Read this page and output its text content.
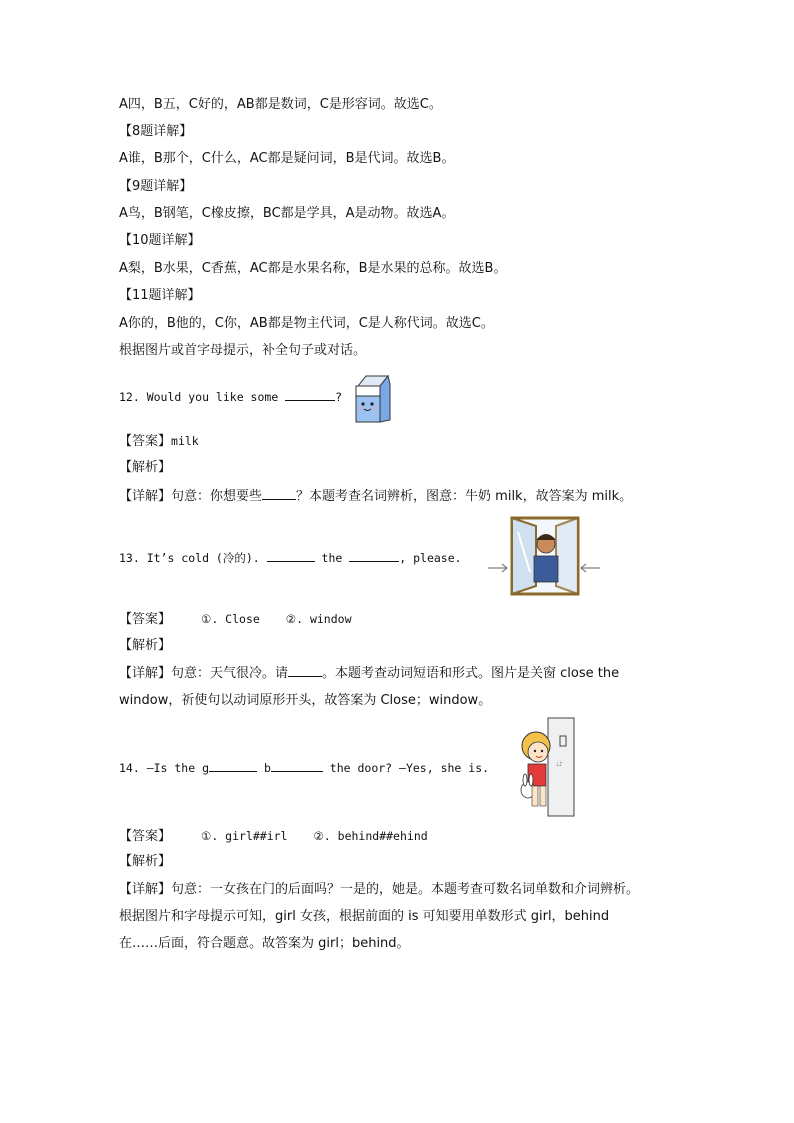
A四，B五，C好的，AB都是数词，C是形容词。故选C。
【8题详解】
A谁，B那个，C什么，AC都是疑问词，B是代词。故选B。
【9题详解】
A鸟，B钢笔，C橡皮擦，BC都是学具，A是动物。故选A。
【10题详解】
A梨，B水果，C香蕉，AC都是水果名称，B是水果的总称。故选B。
【11题详解】
A你的，B他的，C你，AB都是物主代词，C是人称代词。故选C。
根据图片或首字母提示，补全句子或对话。
12. Would you like some	?
【答案】milk
【解析】
【详解】句意：你想要些	？本题考查名词辨析，图意：牛奶 milk，故答案为 milk。
13. It’s cold (冷的).	the	, please.
【答案】	①. Close ②. window
【解析】
【详解】句意：天气很冷。请	。本题考查动词短语和形式。图片是关窗 close the
window，祈使句以动词原形开头，故答案为 Close；window。
14. —Is the g	b	the door? —Yes, she is.	♩♪
【答案】	①. girl##irl ②. behind##ehind
【解析】
【详解】句意：一女孩在门的后面吗？一是的，她是。本题考查可数名词单数和介词辨析。
根据图片和字母提示可知，girl 女孩，根据前面的 is 可知要用单数形式 girl，behind
在……后面，符合题意。故答案为 girl；behind。
